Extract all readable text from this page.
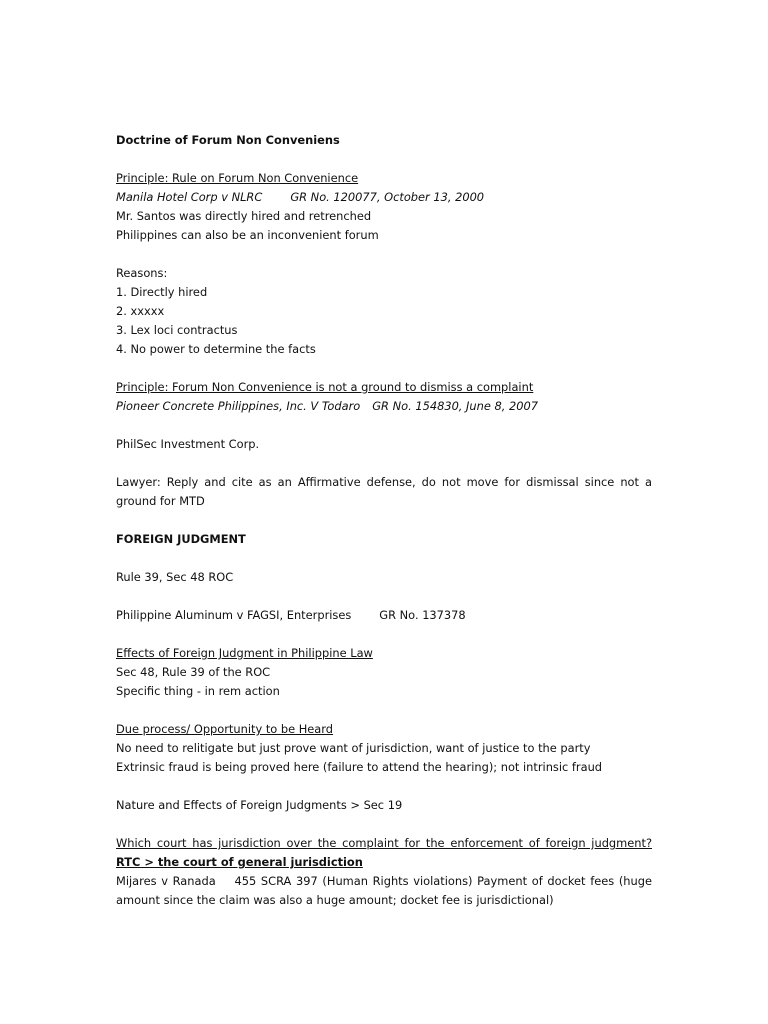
Doctrine of Forum Non Conveniens
Principle: Rule on Forum Non Convenience
Manila Hotel Corp v NLRC GR No. 120077, October 13, 2000
Mr. Santos was directly hired and retrenched
Philippines can also be an inconvenient forum
Reasons:
1. Directly hired
2. xxxxx
3. Lex loci contractus
4. No power to determine the facts
Principle: Forum Non Convenience is not a ground to dismiss a complaint
Pioneer Concrete Philippines, Inc. V Todaro GR No. 154830, June 8, 2007
PhilSec Investment Corp.
Lawyer: Reply and cite as an Affirmative defense, do not move for dismissal since not a ground for MTD
FOREIGN JUDGMENT
Rule 39, Sec 48 ROC
Philippine Aluminum v FAGSI, Enterprises GR No. 137378
Effects of Foreign Judgment in Philippine Law
Sec 48, Rule 39 of the ROC
Specific thing - in rem action
Due process/ Opportunity to be Heard
No need to relitigate but just prove want of jurisdiction, want of justice to the party
Extrinsic fraud is being proved here (failure to attend the hearing); not intrinsic fraud
Nature and Effects of Foreign Judgments > Sec 19
Which court has jurisdiction over the complaint for the enforcement of foreign judgment? RTC > the court of general jurisdiction
Mijares v Ranada 455 SCRA 397 (Human Rights violations) Payment of docket fees (huge amount since the claim was also a huge amount; docket fee is jurisdictional)
